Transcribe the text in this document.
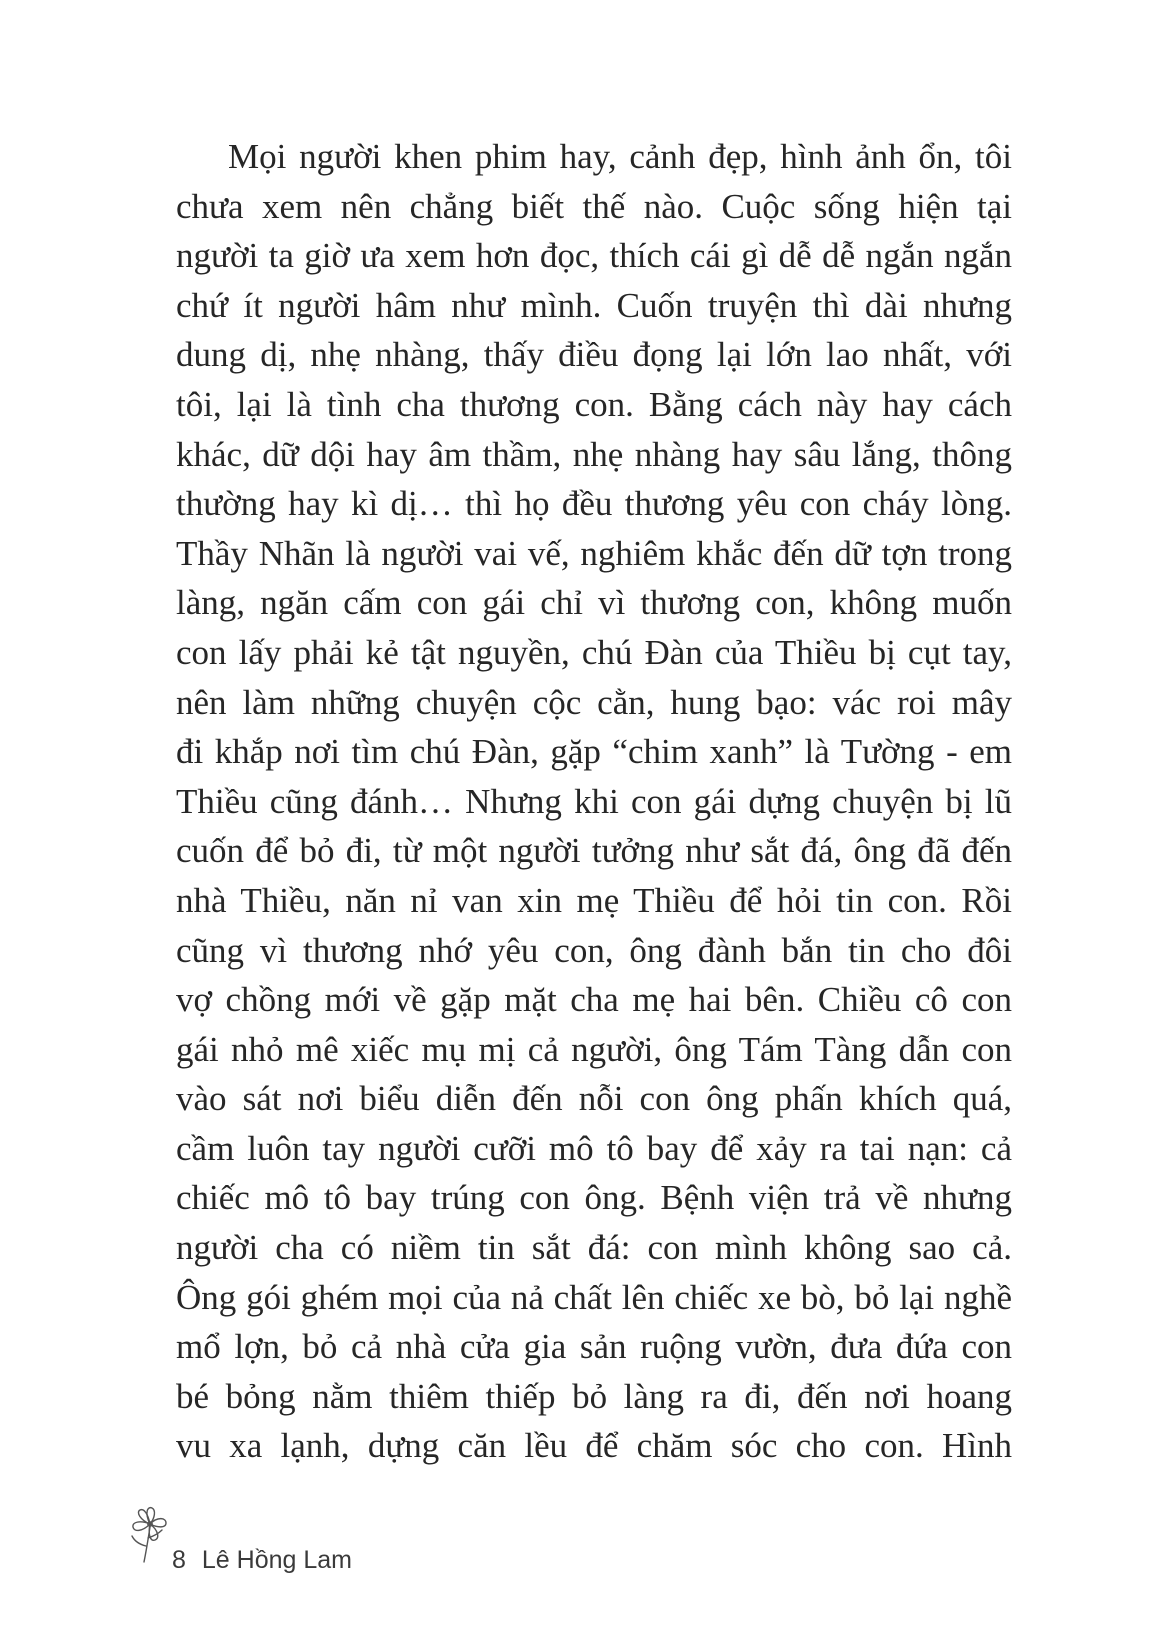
Mọi người khen phim hay, cảnh đẹp, hình ảnh ổn, tôi
chưa xem nên chẳng biết thế nào. Cuộc sống hiện tại
người ta giờ ưa xem hơn đọc, thích cái gì dễ dễ ngắn ngắn
chứ ít người hâm như mình. Cuốn truyện thì dài nhưng
dung dị, nhẹ nhàng, thấy điều đọng lại lớn lao nhất, với
tôi, lại là tình cha thương con. Bằng cách này hay cách
khác, dữ dội hay âm thầm, nhẹ nhàng hay sâu lắng, thông
thường hay kì dị… thì họ đều thương yêu con cháy lòng.
Thầy Nhãn là người vai vế, nghiêm khắc đến dữ tợn trong
làng, ngăn cấm con gái chỉ vì thương con, không muốn
con lấy phải kẻ tật nguyền, chú Đàn của Thiều bị cụt tay,
nên làm những chuyện cộc cằn, hung bạo: vác roi mây
đi khắp nơi tìm chú Đàn, gặp “chim xanh” là Tường - em
Thiều cũng đánh… Nhưng khi con gái dựng chuyện bị lũ
cuốn để bỏ đi, từ một người tưởng như sắt đá, ông đã đến
nhà Thiều, năn nỉ van xin mẹ Thiều để hỏi tin con. Rồi
cũng vì thương nhớ yêu con, ông đành bắn tin cho đôi
vợ chồng mới về gặp mặt cha mẹ hai bên. Chiều cô con
gái nhỏ mê xiếc mụ mị cả người, ông Tám Tàng dẫn con
vào sát nơi biểu diễn đến nỗi con ông phấn khích quá,
cầm luôn tay người cưỡi mô tô bay để xảy ra tai nạn: cả
chiếc mô tô bay trúng con ông. Bệnh viện trả về nhưng
người cha có niềm tin sắt đá: con mình không sao cả.
Ông gói ghém mọi của nả chất lên chiếc xe bò, bỏ lại nghề
mổ lợn, bỏ cả nhà cửa gia sản ruộng vườn, đưa đứa con
bé bỏng nằm thiêm thiếp bỏ làng ra đi, đến nơi hoang
vu xa lạnh, dựng căn lều để chăm sóc cho con. Hình
8 Lê Hồng Lam
